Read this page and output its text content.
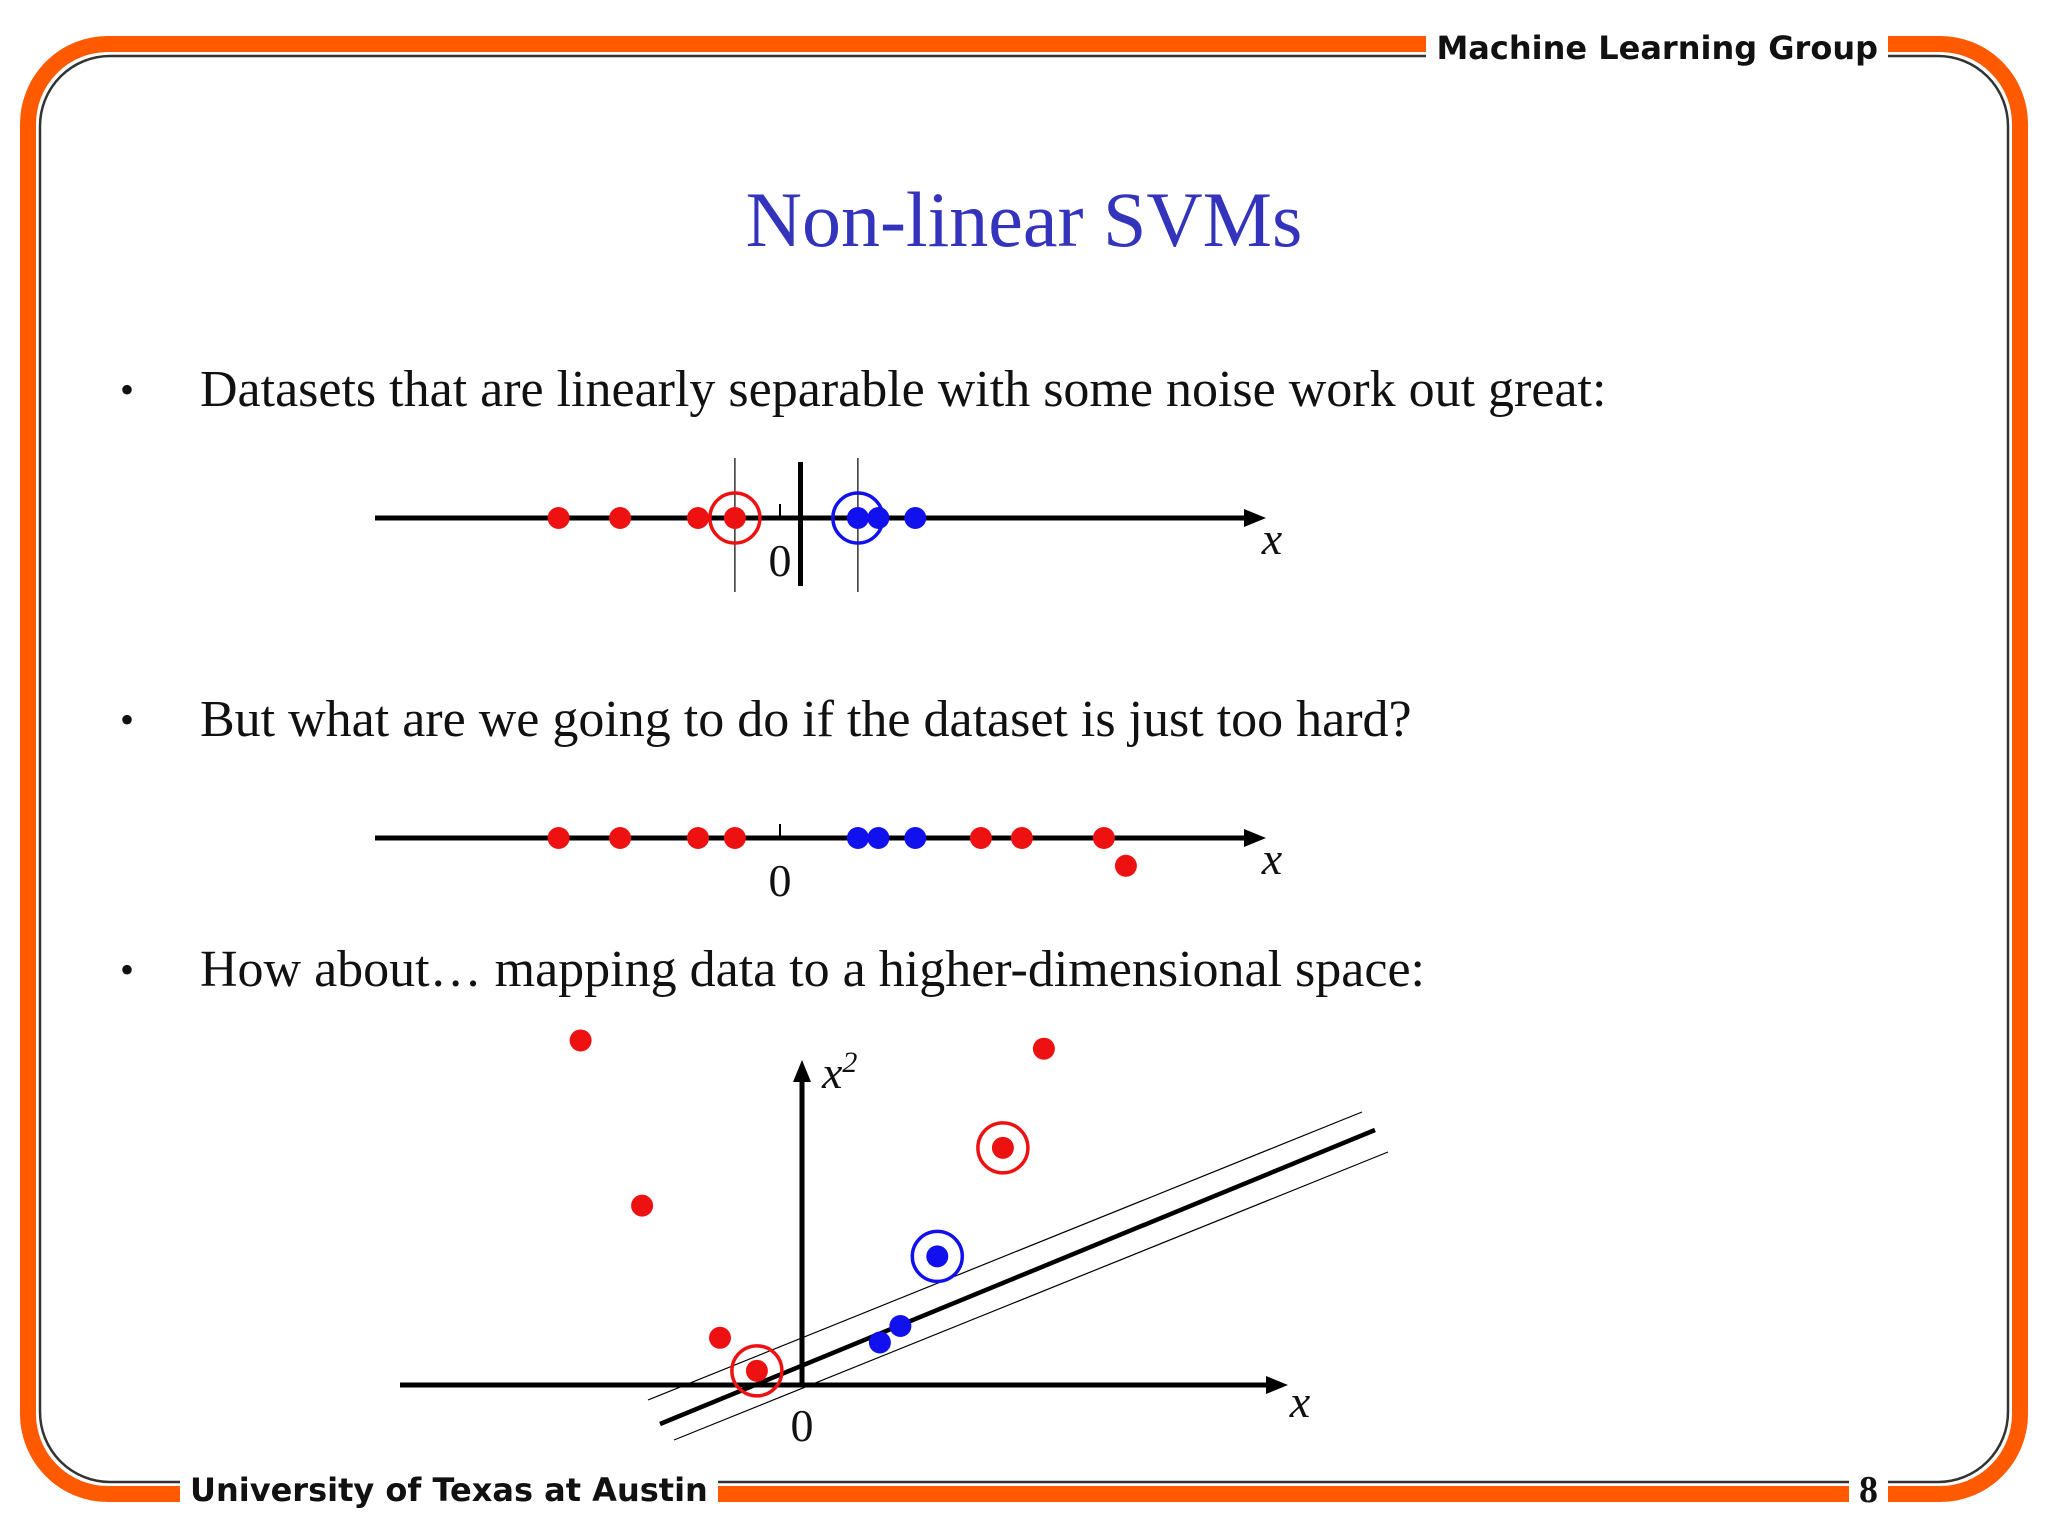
Machine Learning Group
University of Texas at Austin	8
Non-linear SVMs
• Datasets that are linearly separable with some noise work out great:
• But what are we going to do if the dataset is just too hard?
• How about… mapping data to a higher-dimensional space:
0	x
0	x
0	x
$x^2$
